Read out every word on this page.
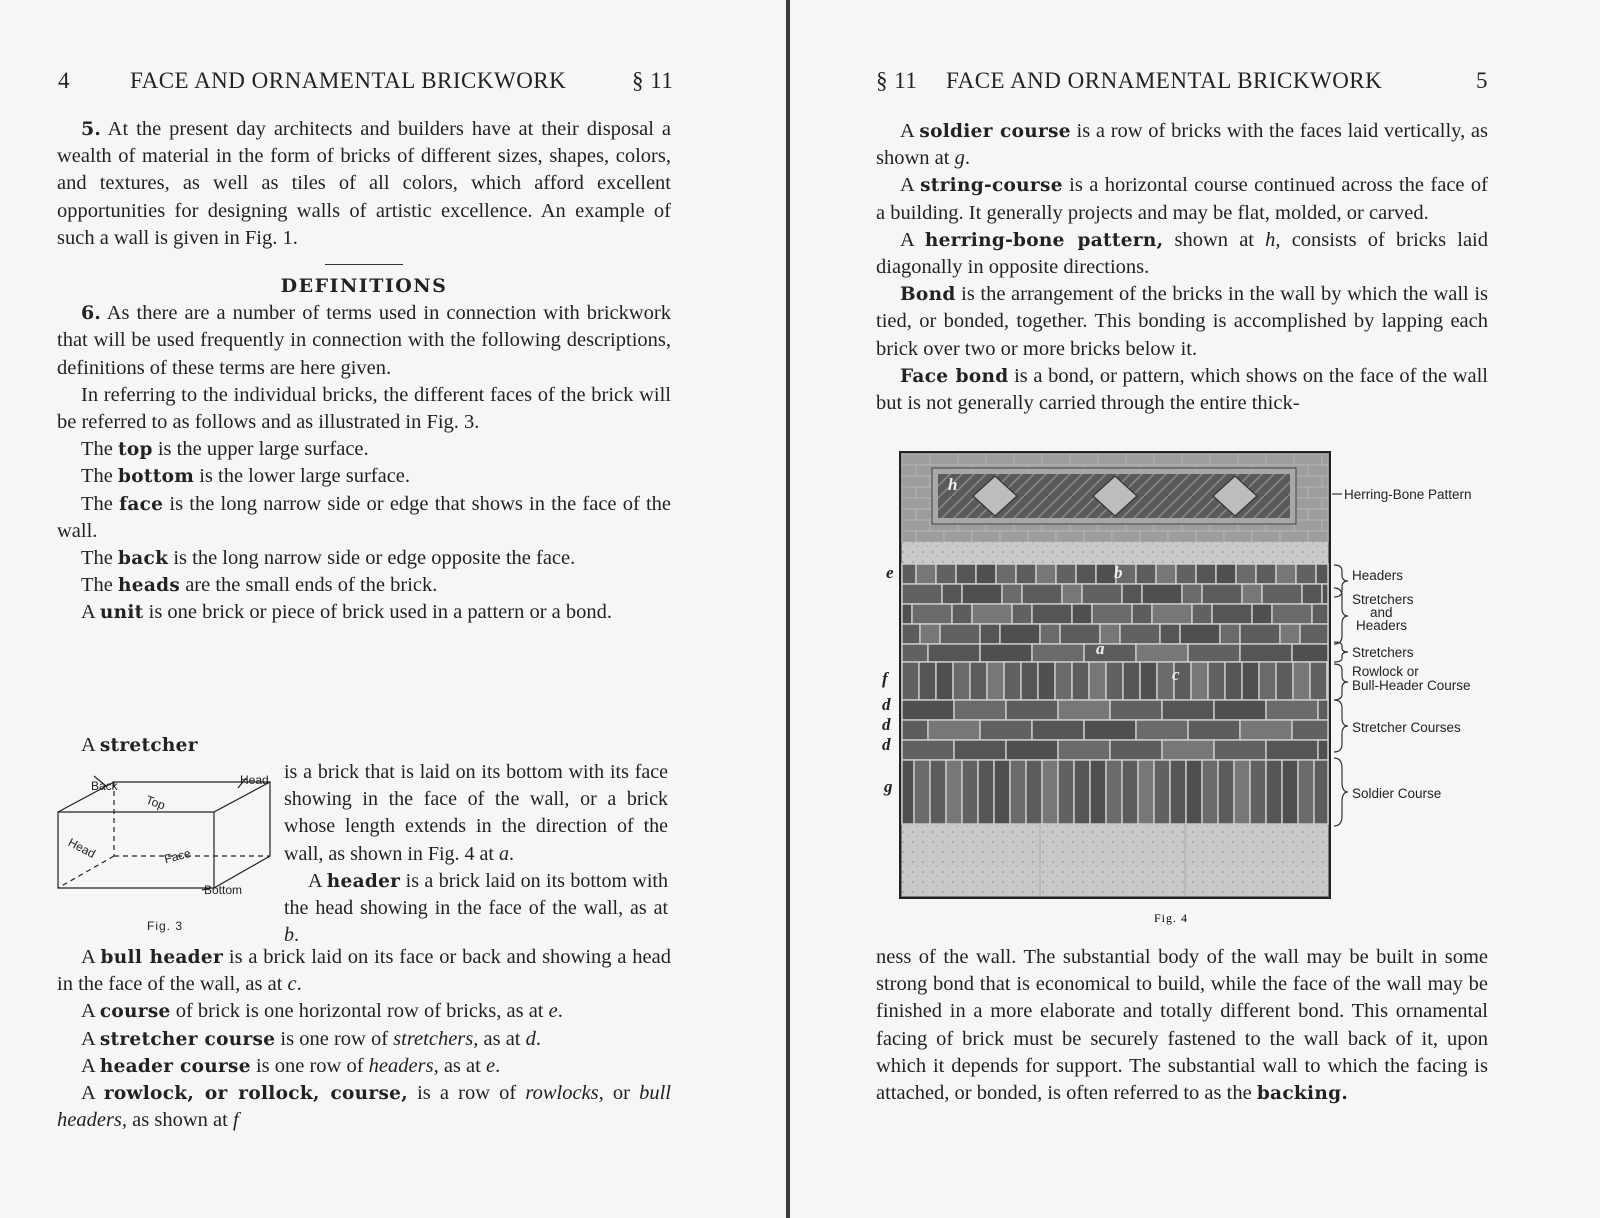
4	FACE AND ORNAMENTAL BRICKWORK	§ 11

5. At the present day architects and builders have at their disposal a wealth of material in the form of bricks of different sizes, shapes, colors, and textures, as well as tiles of all colors, which afford excellent opportunities for designing walls of artistic excellence. An example of such a wall is given in Fig. 1.

DEFINITIONS

6. As there are a number of terms used in connection with brickwork that will be used frequently in connection with the following descriptions, definitions of these terms are here given.

In referring to the individual bricks, the different faces of the brick will be referred to as follows and as illustrated in Fig. 3.

The top is the upper large surface.

The bottom is the lower large surface.

The face is the long narrow side or edge that shows in the face of the wall.

The back is the long narrow side or edge opposite the face.

The heads are the small ends of the brick.

A unit is one brick or piece of brick used in a pattern or a bond.

Back	Head
Top
Head	Face
Bottom
Fig. 3

A stretcher

is a brick that is laid on its bottom with its face showing in the face of the wall, or a brick whose length extends in the direction of the wall, as shown in Fig. 4 at a.

A header is a brick laid on its bottom with the head showing in the face of the wall, as at b.

A bull header is a brick laid on its face or back and showing a head in the face of the wall, as at c.

A course of brick is one horizontal row of bricks, as at e.

A stretcher course is one row of stretchers, as at d.

A header course is one row of headers, as at e.

A rowlock, or rollock, course, is a row of rowlocks, or bull headers, as shown at f

§ 11 FACE AND ORNAMENTAL BRICKWORK	5

A soldier course is a row of bricks with the faces laid vertically, as shown at g.

A string-course is a horizontal course continued across the face of a building. It generally projects and may be flat, molded, or carved.

A herring-bone pattern, shown at h, consists of bricks laid diagonally in opposite directions.

Bond is the arrangement of the bricks in the wall by which the wall is tied, or bonded, together. This bonding is accomplished by lapping each brick over two or more bricks below it.

Face bond is a bond, or pattern, which shows on the face of the wall but is not generally carried through the entire thick-

ness of the wall. The substantial body of the wall may be built in some strong bond that is economical to build, while the face of the wall may be finished in a more elaborate and totally different bond. This ornamental facing of brick must be securely fastened to the wall back of it, upon which it depends for support. The substantial wall to which the facing is attached, or bonded, is often referred to as the backing.

h
b
a
c
e
f
d
d
d
g
Herring-Bone Pattern
Headers
Stretchers
and
Headers
Stretchers
Rowlock or
Bull-Header Course
Stretcher Courses
Soldier Course
Fig. 4
